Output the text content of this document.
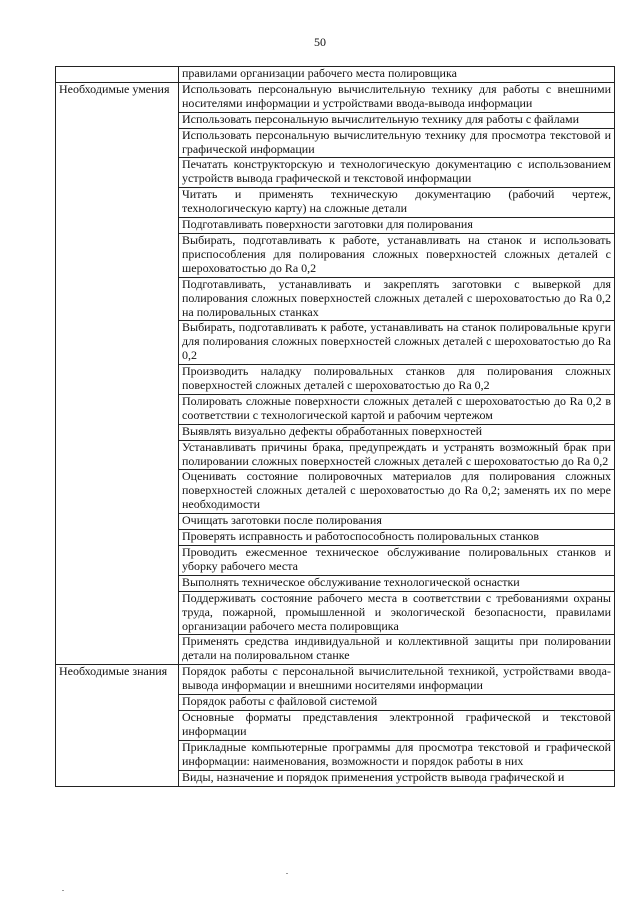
50
	правилами организации рабочего места полировщика
Необходимые умения	Использовать персональную вычислительную технику для работы с внешними носителями информации и устройствами ввода-вывода информации
	Использовать персональную вычислительную технику для работы с файлами
	Использовать персональную вычислительную технику для просмотра текстовой и графической информации
	Печатать конструкторскую и технологическую документацию с использованием устройств вывода графической и текстовой информации
	Читать и применять техническую документацию (рабочий чертеж, технологическую карту) на сложные детали
	Подготавливать поверхности заготовки для полирования
	Выбирать, подготавливать к работе, устанавливать на станок и использовать приспособления для полирования сложных поверхностей сложных деталей с шероховатостью до Ra 0,2
	Подготавливать, устанавливать и закреплять заготовки с выверкой для полирования сложных поверхностей сложных деталей с шероховатостью до Ra 0,2 на полировальных станках
	Выбирать, подготавливать к работе, устанавливать на станок полировальные круги для полирования сложных поверхностей сложных деталей с шероховатостью до Ra 0,2
	Производить наладку полировальных станков для полирования сложных поверхностей сложных деталей с шероховатостью до Ra 0,2
	Полировать сложные поверхности сложных деталей с шероховатостью до Ra 0,2 в соответствии с технологической картой и рабочим чертежом
	Выявлять визуально дефекты обработанных поверхностей
	Устанавливать причины брака, предупреждать и устранять возможный брак при полировании сложных поверхностей сложных деталей с шероховатостью до Ra 0,2
	Оценивать состояние полировочных материалов для полирования сложных поверхностей сложных деталей с шероховатостью до Ra 0,2; заменять их по мере необходимости
	Очищать заготовки после полирования
	Проверять исправность и работоспособность полировальных станков
	Проводить ежесменное техническое обслуживание полировальных станков и уборку рабочего места
	Выполнять техническое обслуживание технологической оснастки
	Поддерживать состояние рабочего места в соответствии с требованиями охраны труда, пожарной, промышленной и экологической безопасности, правилами организации рабочего места полировщика
	Применять средства индивидуальной и коллективной защиты при полировании детали на полировальном станке
Необходимые знания	Порядок работы с персональной вычислительной техникой, устройствами ввода-вывода информации и внешними носителями информации
	Порядок работы с файловой системой
	Основные форматы представления электронной графической и текстовой информации
	Прикладные компьютерные программы для просмотра текстовой и графической информации: наименования, возможности и порядок работы в них
	Виды, назначение и порядок применения устройств вывода графической и
